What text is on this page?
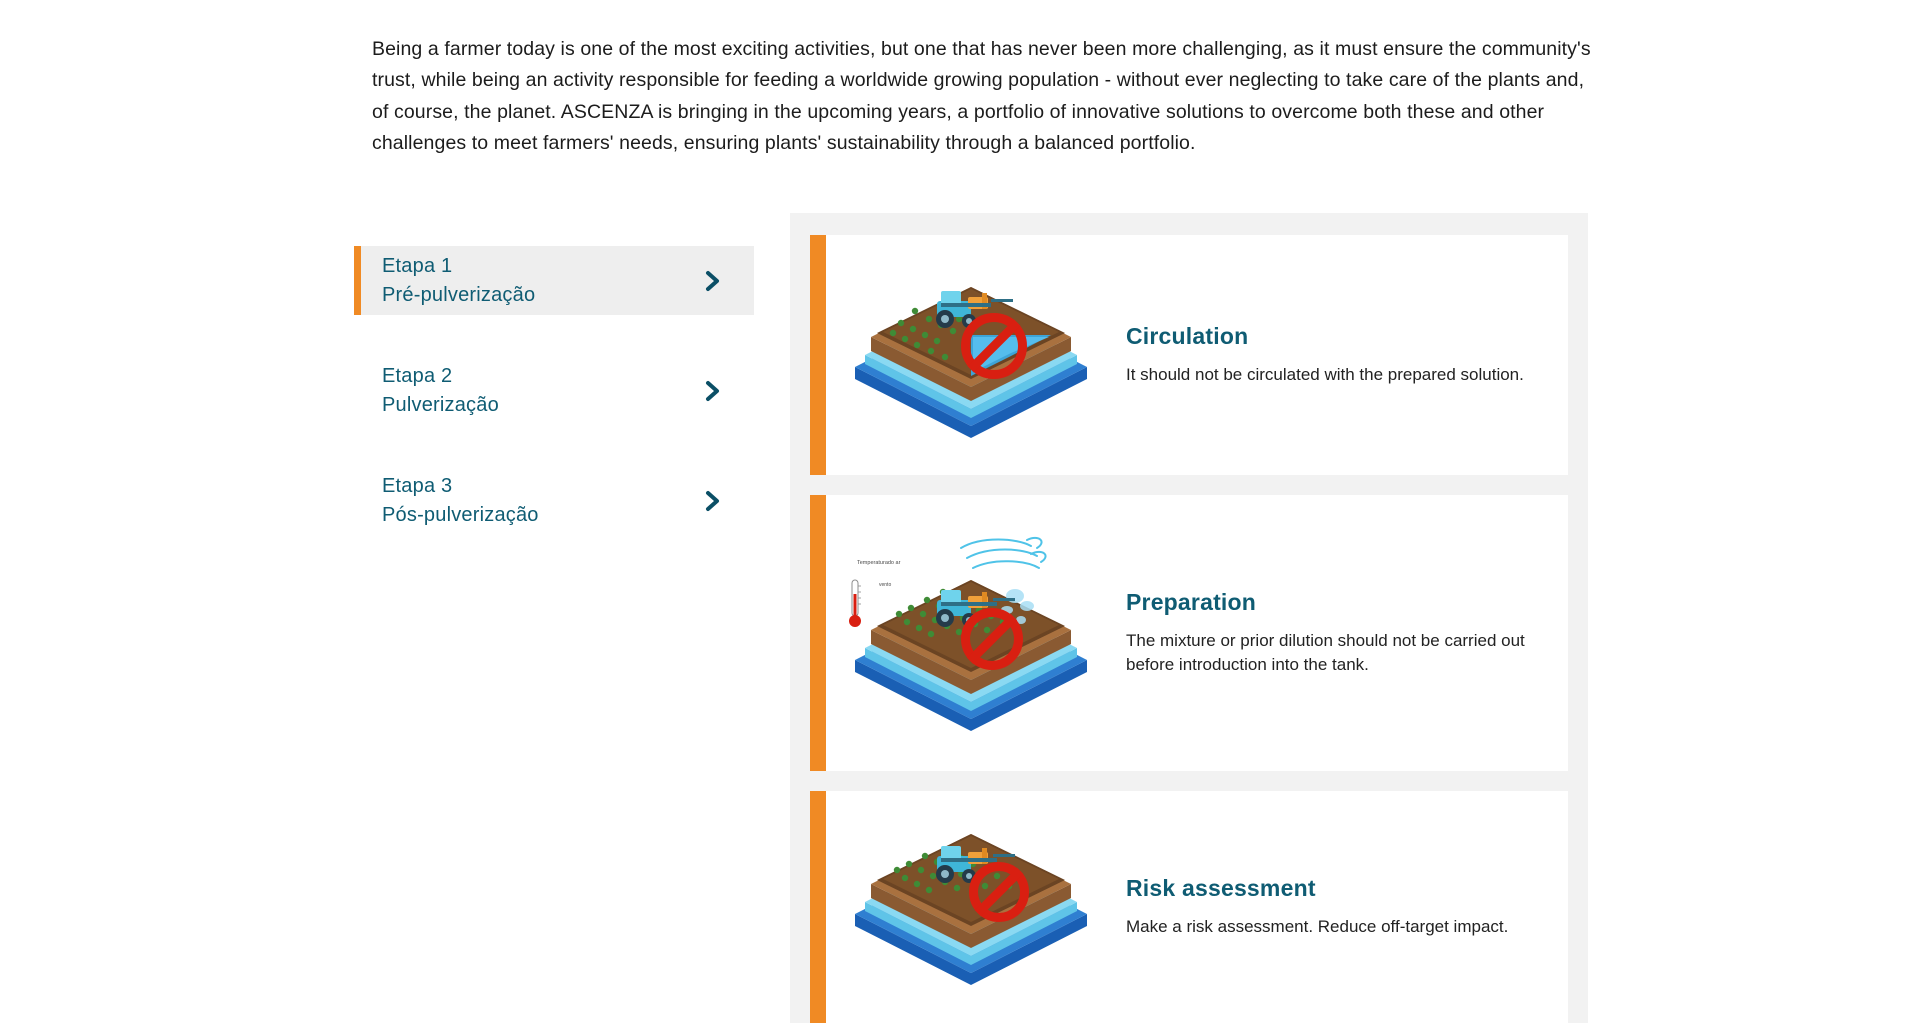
Being a farmer today is one of the most exciting activities, but one that has never been more challenging, as it must ensure the community's trust, while being an activity responsible for feeding a worldwide growing population - without ever neglecting to take care of the plants and, of course, the planet. ASCENZA is bringing in the upcoming years, a portfolio of innovative solutions to overcome both these and other challenges to meet farmers' needs, ensuring plants' sustainability through a balanced portfolio.

Etapa 1
Pré-pulverização
Etapa 2
Pulverização
Etapa 3
Pós-pulverização
Circulation
It should not be circulated with the prepared solution.
Temperaturado ar
vento
Preparation
The mixture or prior dilution should not be carried out before introduction into the tank.
Risk assessment
Make a risk assessment. Reduce off-target impact.
